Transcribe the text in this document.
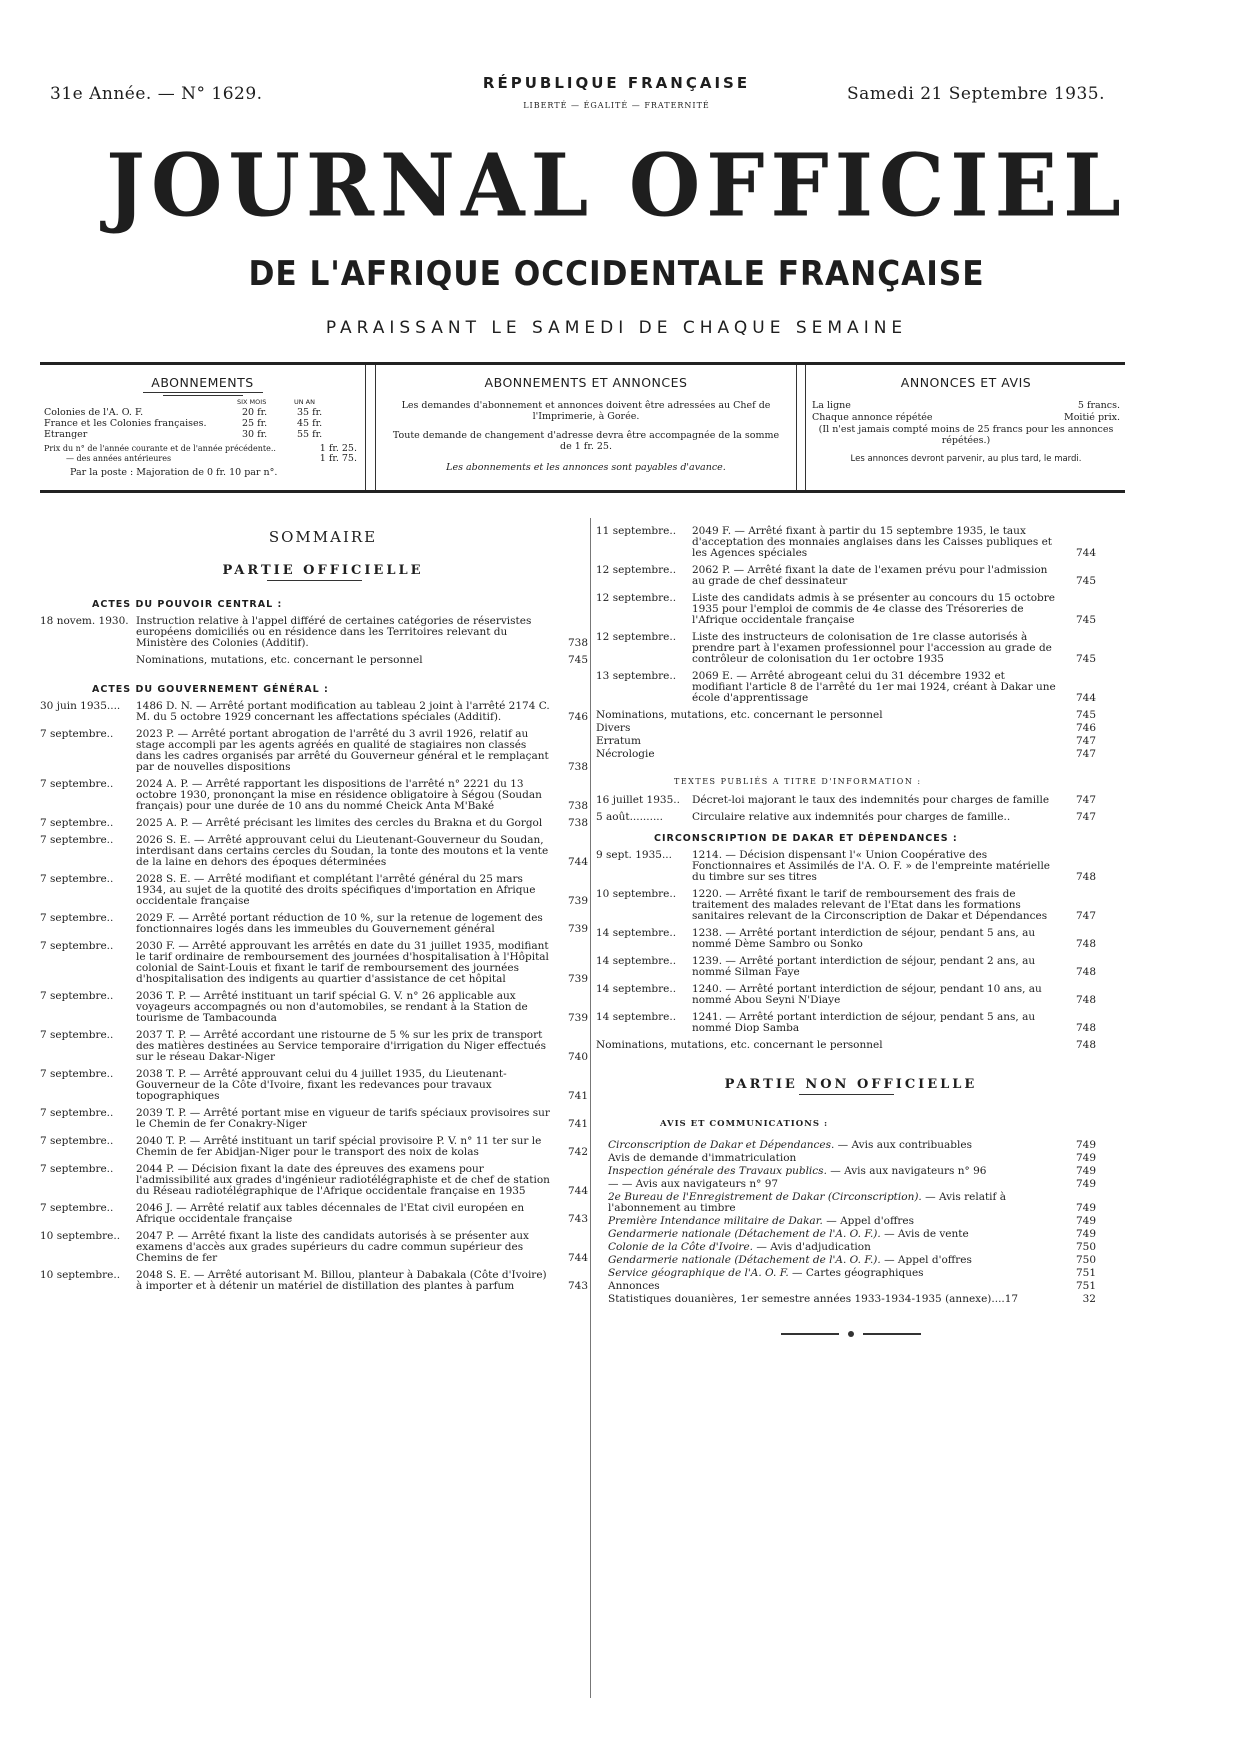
31e Année. — N° 1629.
RÉPUBLIQUE FRANÇAISE
LIBERTÉ — ÉGALITÉ — FRATERNITÉ
Samedi 21 Septembre 1935.
JOURNAL OFFICIEL
DE L'AFRIQUE OCCIDENTALE FRANÇAISE
PARAISSANT LE SAMEDI DE CHAQUE SEMAINE
ABONNEMENTS
SIX MOIS	UN AN
Colonies de l'A. O. F.	20 fr.	35 fr.
France et les Colonies françaises.	25 fr.	45 fr.
Etranger	30 fr.	55 fr.
Prix du n° de l'année courante et de l'année précédente..	1 fr. 25.
— des années antérieures	1 fr. 75.
Par la poste : Majoration de 0 fr. 10 par n°.
ABONNEMENTS ET ANNONCES

Les demandes d'abonnement et annonces doivent être adressées au Chef de l'Imprimerie, à Gorée.

Toute demande de changement d'adresse devra être accompagnée de la somme de 1 fr. 25.

Les abonnements et les annonces sont payables d'avance.

ANNONCES ET AVIS
La ligne	5 francs.
Chaque annonce répétée	Moitié prix.
(Il n'est jamais compté moins de 25 francs pour les annonces répétées.)
Les annonces devront parvenir, au plus tard, le mardi.
SOMMAIRE
PARTIE OFFICIELLE
ACTES DU POUVOIR CENTRAL :
18 novem. 1930. Instruction relative à l'appel différé de certaines catégories de réservistes européens domiciliés ou en résidence dans les Territoires relevant du Ministère des Colonies (Additif).	738
Nominations, mutations, etc. concernant le personnel	745
ACTES DU GOUVERNEMENT GÉNÉRAL :
30 juin 1935....	1486 D. N. — Arrêté portant modification au tableau 2 joint à l'arrêté 2174 C. M. du 5 octobre 1929 concernant les affectations spéciales (Additif).	746
7 septembre..	2023 P. — Arrêté portant abrogation de l'arrêté du 3 avril 1926, relatif au stage accompli par les agents agréés en qualité de stagiaires non classés dans les cadres organisés par arrêté du Gouverneur général et le remplaçant par de nouvelles dispositions	738
7 septembre..	2024 A. P. — Arrêté rapportant les dispositions de l'arrêté n° 2221 du 13 octobre 1930, prononçant la mise en résidence obligatoire à Ségou (Soudan français) pour une durée de 10 ans du nommé Cheick Anta M'Baké	738
7 septembre..	2025 A. P. — Arrêté précisant les limites des cercles du Brakna et du Gorgol	738
7 septembre..	2026 S. E. — Arrêté approuvant celui du Lieutenant-Gouverneur du Soudan, interdisant dans certains cercles du Soudan, la tonte des moutons et la vente de la laine en dehors des époques déterminées	744
7 septembre..	2028 S. E. — Arrêté modifiant et complétant l'arrêté général du 25 mars 1934, au sujet de la quotité des droits spécifiques d'importation en Afrique occidentale française	739
7 septembre..	2029 F. — Arrêté portant réduction de 10 %, sur la retenue de logement des fonctionnaires logés dans les immeubles du Gouvernement général	739
7 septembre..	2030 F. — Arrêté approuvant les arrêtés en date du 31 juillet 1935, modifiant le tarif ordinaire de remboursement des journées d'hospitalisation à l'Hôpital colonial de Saint-Louis et fixant le tarif de remboursement des journées d'hospitalisation des indigents au quartier d'assistance de cet hôpital	739
7 septembre..	2036 T. P. — Arrêté instituant un tarif spécial G. V. n° 26 applicable aux voyageurs accompagnés ou non d'automobiles, se rendant à la Station de tourisme de Tambacounda	739
7 septembre..	2037 T. P. — Arrêté accordant une ristourne de 5 % sur les prix de transport des matières destinées au Service temporaire d'irrigation du Niger effectués sur le réseau Dakar-Niger	740
7 septembre..	2038 T. P. — Arrêté approuvant celui du 4 juillet 1935, du Lieutenant-Gouverneur de la Côte d'Ivoire, fixant les redevances pour travaux topographiques	741
7 septembre..	2039 T. P. — Arrêté portant mise en vigueur de tarifs spéciaux provisoires sur le Chemin de fer Conakry-Niger	741
7 septembre..	2040 T. P. — Arrêté instituant un tarif spécial provisoire P. V. n° 11 ter sur le Chemin de fer Abidjan-Niger pour le transport des noix de kolas	742
7 septembre..	2044 P. — Décision fixant la date des épreuves des examens pour l'admissibilité aux grades d'ingénieur radiotélégraphiste et de chef de station du Réseau radiotélégraphique de l'Afrique occidentale française en 1935	744
7 septembre..	2046 J. — Arrêté relatif aux tables décennales de l'Etat civil européen en Afrique occidentale française	743
10 septembre..	2047 P. — Arrêté fixant la liste des candidats autorisés à se présenter aux examens d'accès aux grades supérieurs du cadre commun supérieur des Chemins de fer	744
10 septembre..	2048 S. E. — Arrêté autorisant M. Billou, planteur à Dabakala (Côte d'Ivoire) à importer et à détenir un matériel de distillation des plantes à parfum	743
11 septembre..	2049 F. — Arrêté fixant à partir du 15 septembre 1935, le taux d'acceptation des monnaies anglaises dans les Caisses publiques et les Agences spéciales	744
12 septembre..	2062 P. — Arrêté fixant la date de l'examen prévu pour l'admission au grade de chef dessinateur	745
12 septembre..	Liste des candidats admis à se présenter au concours du 15 octobre 1935 pour l'emploi de commis de 4e classe des Trésoreries de l'Afrique occidentale française	745
12 septembre..	Liste des instructeurs de colonisation de 1re classe autorisés à prendre part à l'examen professionnel pour l'accession au grade de contrôleur de colonisation du 1er octobre 1935	745
13 septembre..	2069 E. — Arrêté abrogeant celui du 31 décembre 1932 et modifiant l'article 8 de l'arrêté du 1er mai 1924, créant à Dakar une école d'apprentissage	744
Nominations, mutations, etc. concernant le personnel	745
Divers	746
Erratum	747
Nécrologie	747
TEXTES PUBLIÉS A TITRE D'INFORMATION :
16 juillet 1935..	Décret-loi majorant le taux des indemnités pour charges de famille	747
5 août..........	Circulaire relative aux indemnités pour charges de famille..	747
CIRCONSCRIPTION DE DAKAR ET DÉPENDANCES :
9 sept. 1935...	1214. — Décision dispensant l'« Union Coopérative des Fonctionnaires et Assimilés de l'A. O. F. » de l'empreinte matérielle du timbre sur ses titres	748
10 septembre..	1220. — Arrêté fixant le tarif de remboursement des frais de traitement des malades relevant de l'Etat dans les formations sanitaires relevant de la Circonscription de Dakar et Dépendances	747
14 septembre..	1238. — Arrêté portant interdiction de séjour, pendant 5 ans, au nommé Dème Sambro ou Sonko	748
14 septembre..	1239. — Arrêté portant interdiction de séjour, pendant 2 ans, au nommé Silman Faye	748
14 septembre..	1240. — Arrêté portant interdiction de séjour, pendant 10 ans, au nommé Abou Seyni N'Diaye	748
14 septembre..	1241. — Arrêté portant interdiction de séjour, pendant 5 ans, au nommé Diop Samba	748
Nominations, mutations, etc. concernant le personnel	748
PARTIE NON OFFICIELLE
AVIS ET COMMUNICATIONS :
Circonscription de Dakar et Dépendances. — Avis aux contribuables	749
Avis de demande d'immatriculation	749
Inspection générale des Travaux publics. — Avis aux navigateurs n° 96	749
— — Avis aux navigateurs n° 97	749
2e Bureau de l'Enregistrement de Dakar (Circonscription). — Avis relatif à l'abonnement au timbre	749
Première Intendance militaire de Dakar. — Appel d'offres	749
Gendarmerie nationale (Détachement de l'A. O. F.). — Avis de vente	749
Colonie de la Côte d'Ivoire. — Avis d'adjudication	750
Gendarmerie nationale (Détachement de l'A. O. F.). — Appel d'offres	750
Service géographique de l'A. O. F. — Cartes géographiques	751
Annonces	751
Statistiques douanières, 1er semestre années 1933-1934-1935 (annexe)....17	32
